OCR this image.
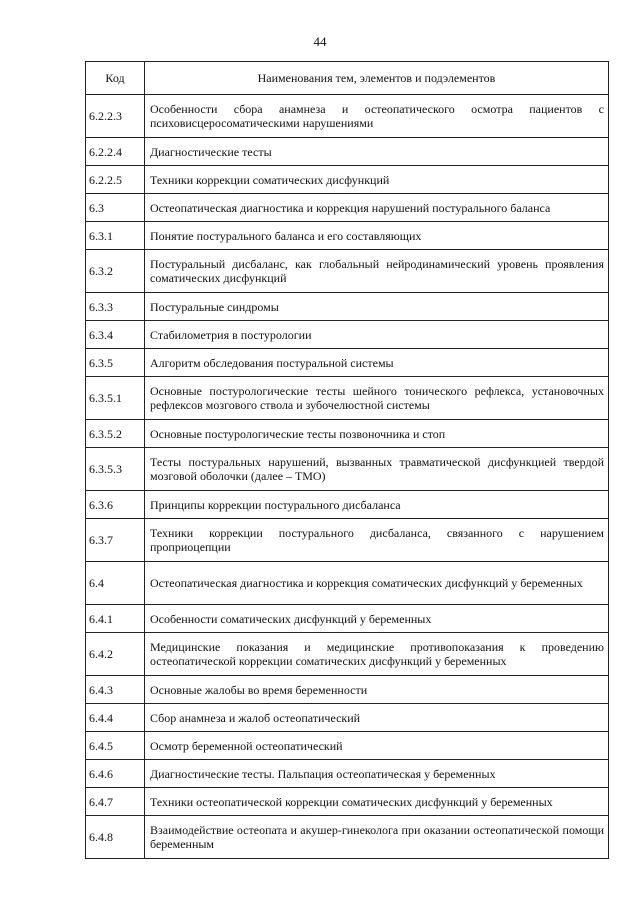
44
Код	Наименования тем, элементов и подэлементов
6.2.2.3	Особенности сбора анамнеза и остеопатического осмотра пациентов с психовисцеросоматическими нарушениями
6.2.2.4	Диагностические тесты
6.2.2.5	Техники коррекции соматических дисфункций
6.3	Остеопатическая диагностика и коррекция нарушений постурального баланса
6.3.1	Понятие постурального баланса и его составляющих
6.3.2	Постуральный дисбаланс, как глобальный нейродинамический уровень проявления соматических дисфункций
6.3.3	Постуральные синдромы
6.3.4	Стабилометрия в постурологии
6.3.5	Алгоритм обследования постуральной системы
6.3.5.1	Основные постурологические тесты шейного тонического рефлекса, установочных рефлексов мозгового ствола и зубочелюстной системы
6.3.5.2	Основные постурологические тесты позвоночника и стоп
6.3.5.3	Тесты постуральных нарушений, вызванных травматической дисфункцией твердой мозговой оболочки (далее – ТМО)
6.3.6	Принципы коррекции постурального дисбаланса
6.3.7	Техники коррекции постурального дисбаланса, связанного с нарушением проприоцепции
6.4	Остеопатическая диагностика и коррекция соматических дисфункций у беременных
6.4.1	Особенности соматических дисфункций у беременных
6.4.2	Медицинские показания и медицинские противопоказания к проведению остеопатической коррекции соматических дисфункций у беременных
6.4.3	Основные жалобы во время беременности
6.4.4	Сбор анамнеза и жалоб остеопатический
6.4.5	Осмотр беременной остеопатический
6.4.6	Диагностические тесты. Пальпация остеопатическая у беременных
6.4.7	Техники остеопатической коррекции соматических дисфункций у беременных
6.4.8	Взаимодействие остеопата и акушер-гинеколога при оказании остеопатической помощи беременным
